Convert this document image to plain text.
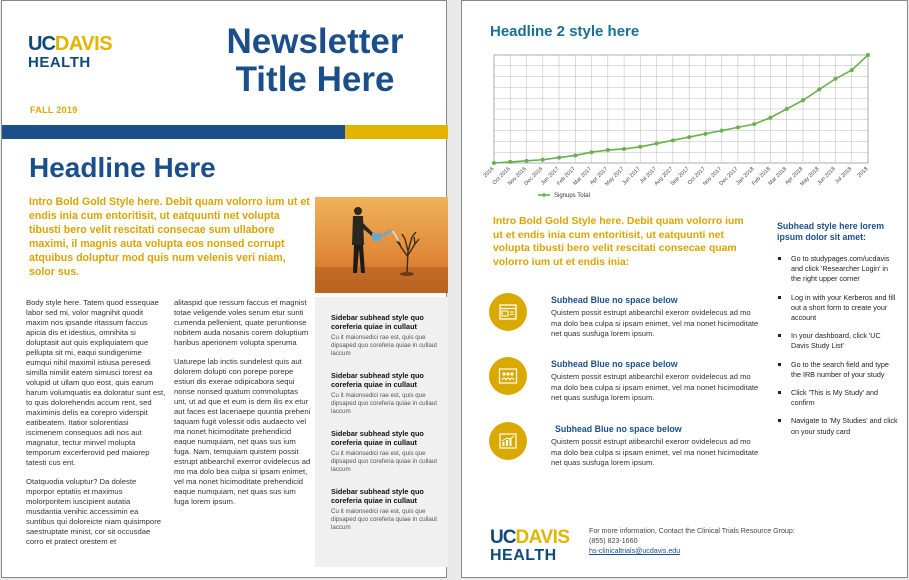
UCDAVIS
HEALTH
Newsletter Title Here
FALL 2019
Headline Here
Intro Bold Gold Style here. Debit quam volorro ium ut et endis inia cum entoritisit, ut eatquunti net volupta tibusti bero velit rescitati consecae sum ullabore maximi, il magnis auta volupta eos nonsed corrupt atquibus doluptur mod quis num velenis veri niam, solor sus.

Body style here. Tatem quod essequae labor sed mi, volor magnihit quodit maxim nos ipsande ritassum faccus apicia dis et idestius, omnihita si doluptasit aut quis expliquiatem que pellupta sit mi, eaqui sundigenime eumqui nihil maximil istiusa peresedi similla nimilit eatem simusci torest ea volupid ut ullam quo eost, quis earum harum volumquatis ea doloratur sunt est, to quis dolorehendis accum rent, sed maximinis delis ea corepro viderspit eatibeatem. Itatior solorentiasi iscimenem consequos adi nos aut magnatur, tectur minvel molupta temporum excerferovid ped maiorep tatesti cus ent.

Otatquodia voluptur? Da doleste mporpor eptatiis et maximus molorporitem iuscipient autatia musdantia venihic accessimin ea suntibus qui doloreicte niam quisimpore saestruptate minist, cor sit occusdae corro et pratect orestem et

alitaspid que ressum faccus et magnist totae veligende voles serum etur sunti cumenda pellenient, quate peruntionse nobitem auda nosanis corem doluptium haribus aperionem volupta speruma

Uaturepe lab inctis sundelest quis aut dolorem dolupti con porepe porepe estiuri dis exerae odipicabora sequi nonse nonsed quatum commoluptas unt, ut ad que et eum is dem ilis ex etur aut faces est laceriaepe quuntia preheni taquam fugit volessit odis audaecto vel ma nonet hicimoditate prehendicid eaque numquiam, net quas sus ium fuga. Nam, temquiam quistem possit estrupt atibearchil exerror ovidelecus ad mo ma dolo bea culpa si ipsam enimet, vel ma nonet hicimoditate prehendicid eaque numquiam, net quas sus ium fuga lorem ipsum.

Sidebar subhead style quo coreferia quiae in cullaut
Cu it maionsedici rae est, quis que dipsaped quo coreferia quiae in cullaut laccum
Sidebar subhead style quo coreferia quiae in cullaut
Cu it maionsedici rae est, quis que dipsaped quo coreferia quiae in cullaut laccum
Sidebar subhead style quo coreferia quiae in cullaut
Cu it maionsedici rae est, quis que dipsaped quo coreferia quiae in cullaut laccum
Sidebar subhead style quo coreferia quiae in cullaut
Cu it maionsedici rae est, quis que dipsaped quo coreferia quiae in cullaut laccum
Headline 2 style here
2016
Oct 2016
Nov 2016
Dec 2016
Jan 2017
Feb 2017
Mar 2017
Apr 2017
May 2017
Jun 2017
Jul 2017
Aug 2017
Sep 2017
Oct 2017
Nov 2017
Dec 2017
Jan 2018
Feb 2018
Mar 2018
Apr 2018
May 2018
Jun 2018
Jul 2018 2018
Signups Total
Intro Bold Gold Style here. Debit quam volorro ium ut et endis inia cum entoritisit, ut eatquunti net volupta tibusti bero velit rescitati consecae quam volorro ium ut et endis inia:
Subhead Blue no space below
Quistem possit estrupt atibearchil exerorr ovidelecus ad mo ma dolo bea culpa si ipsam enimet, vel ma nonet hicimoditate net quas susfuga lorem ipsum.
Subhead Blue no space below
Quistem possit estrupt atibearchil exerorr ovidelecus ad mo ma dolo bea culpa si ipsam enimet, vel ma nonet hicimoditate net quas susfuga lorem ipsum.
Subhead Blue no space below
Quistem possit estrupt atibearchil exerorr ovidelecus ad mo ma dolo bea culpa si ipsam enimet, vel ma nonet hicimoditate net quas susfuga lorem ipsum.
Subhead style here lorem ipsum dolor sit amet:
Go to studypages.com/ucdavis and click 'Researcher Login' in the right upper corner
Log in with your Kerberos and fill out a short form to create your account
In your dashboard, click 'UC Davis Study List'
Go to the search field and type the IRB number of your study
Click 'This is My Study' and confirm
Navigate to 'My Studies' and click on your study card
UCDAVIS
HEALTH
For more information, Contact the Clinical Trials Resource Group:
(855) 823-1660
hs-clinicaltrials@ucdavis.edu
